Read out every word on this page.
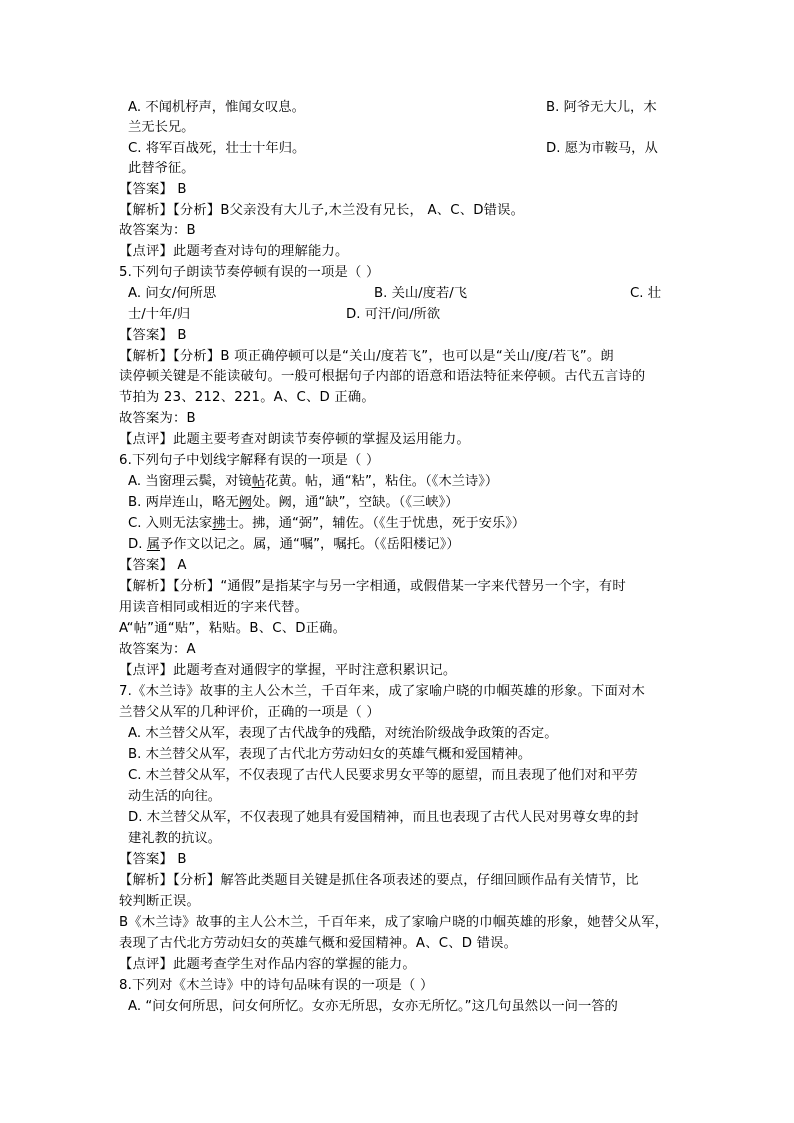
A. 不闻机杼声，惟闻女叹息。	B. 阿爷无大儿，木
兰无长兄。
C. 将军百战死，壮士十年归。	D. 愿为市鞍马，从
此替爷征。
【答案】 B
【解析】【分析】B父亲没有大儿子,木兰没有兄长， A、C、D错误。
故答案为：B
【点评】此题考查对诗句的理解能力。
5.下列句子朗读节奏停顿有误的一项是（ ）
A. 问女/何所思	B. 关山/度若/飞	C. 壮
士/十年/归	D. 可汗/问/所欲
【答案】 B
【解析】【分析】B 项正确停顿可以是“关山/度若飞”，也可以是“关山/度/若飞”。朗
读停顿关键是不能读破句。一般可根据句子内部的语意和语法特征来停顿。古代五言诗的
节拍为 23、212、221。A、C、D 正确。
故答案为：B
【点评】此题主要考查对朗读节奏停顿的掌握及运用能力。
6.下列句子中划线字解释有误的一项是（ ）
A. 当窗理云鬓，对镜帖花黄。帖，通“粘”，粘住。（《木兰诗》）
B. 两岸连山，略无阙处。阙，通“缺”，空缺。（《三峡》）
C. 入则无法家拂士。拂，通“弼”，辅佐。（《生于忧患，死于安乐》）
D. 属予作文以记之。属，通“嘱”，嘱托。（《岳阳楼记》）
【答案】 A
【解析】【分析】“通假”是指某字与另一字相通，或假借某一字来代替另一个字，有时
用读音相同或相近的字来代替。
A“帖”通“贴”，粘贴。B、C、D正确。
故答案为：A
【点评】此题考查对通假字的掌握，平时注意积累识记。
7.《木兰诗》故事的主人公木兰，千百年来，成了家喻户晓的巾帼英雄的形象。下面对木
兰替父从军的几种评价，正确的一项是（ ）
A. 木兰替父从军，表现了古代战争的残酷，对统治阶级战争政策的否定。
B. 木兰替父从军，表现了古代北方劳动妇女的英雄气概和爱国精神。
C. 木兰替父从军，不仅表现了古代人民要求男女平等的愿望，而且表现了他们对和平劳
动生活的向往。
D. 木兰替父从军，不仅表现了她具有爱国精神，而且也表现了古代人民对男尊女卑的封
建礼教的抗议。
【答案】 B
【解析】【分析】解答此类题目关键是抓住各项表述的要点，仔细回顾作品有关情节，比
较判断正误。
B《木兰诗》故事的主人公木兰，千百年来，成了家喻户晓的巾帼英雄的形象，她替父从军，
表现了古代北方劳动妇女的英雄气概和爱国精神。A、C、D 错误。
【点评】此题考查学生对作品内容的掌握的能力。
8.下列对《木兰诗》中的诗句品味有误的一项是（ ）
A. “问女何所思，问女何所忆。女亦无所思，女亦无所忆。”这几句虽然以一问一答的
